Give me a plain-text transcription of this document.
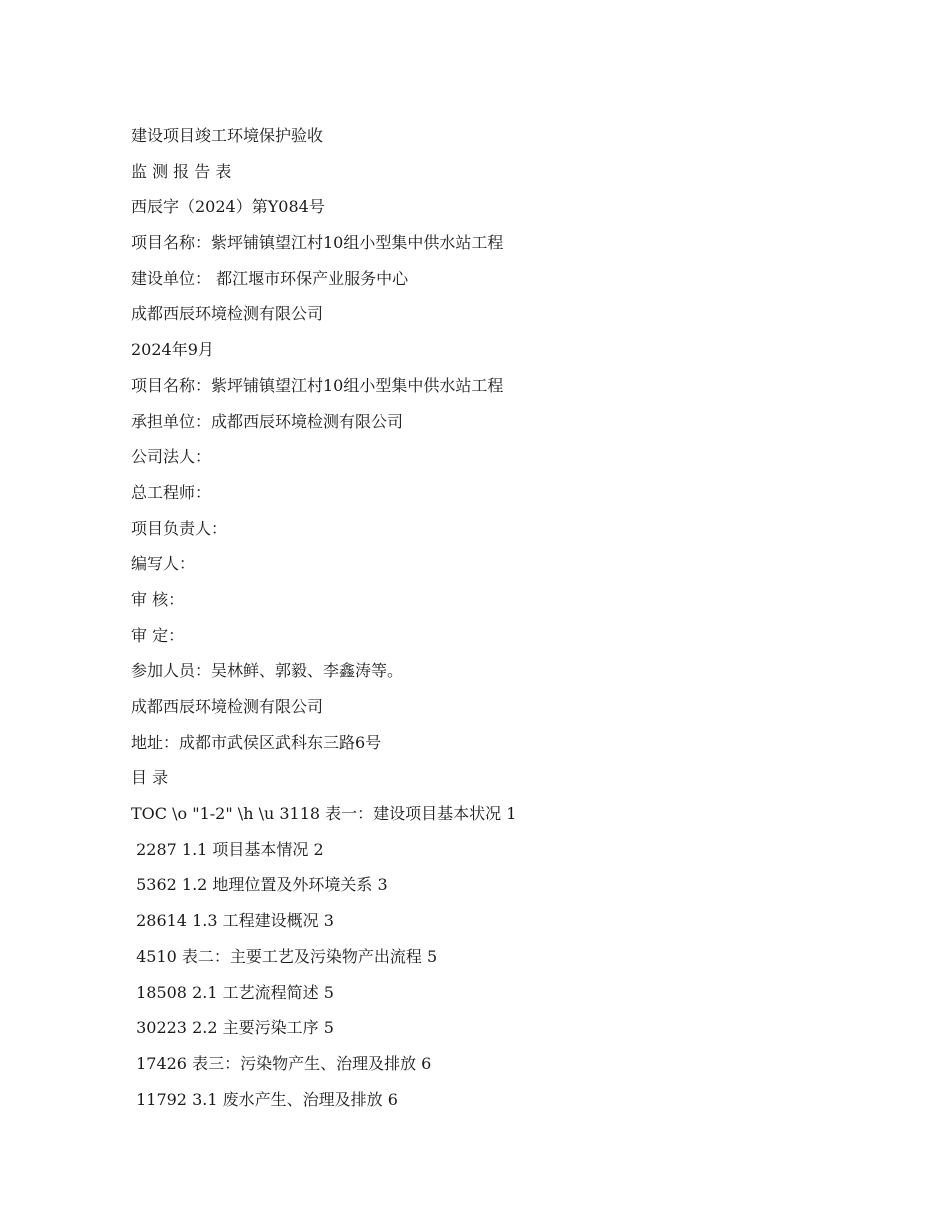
建设项目竣工环境保护验收
监 测 报 告 表
西辰字（2024）第Y084号
项目名称：紫坪铺镇望江村10组小型集中供水站工程
建设单位： 都江堰市环保产业服务中心
成都西辰环境检测有限公司
2024年9月
项目名称：紫坪铺镇望江村10组小型集中供水站工程
承担单位：成都西辰环境检测有限公司
公司法人：
总工程师：
项目负责人：
编写人：
审 核：
审 定：
参加人员：吴林鲜、郭毅、李鑫涛等。
成都西辰环境检测有限公司
地址：成都市武侯区武科东三路6号
目 录
TOC \o "1-2" \h \u 3118 表一：建设项目基本状况 1
2287 1.1 项目基本情况 2
5362 1.2 地理位置及外环境关系 3
28614 1.3 工程建设概况 3
4510 表二：主要工艺及污染物产出流程 5
18508 2.1 工艺流程简述 5
30223 2.2 主要污染工序 5
17426 表三：污染物产生、治理及排放 6
11792 3.1 废水产生、治理及排放 6
